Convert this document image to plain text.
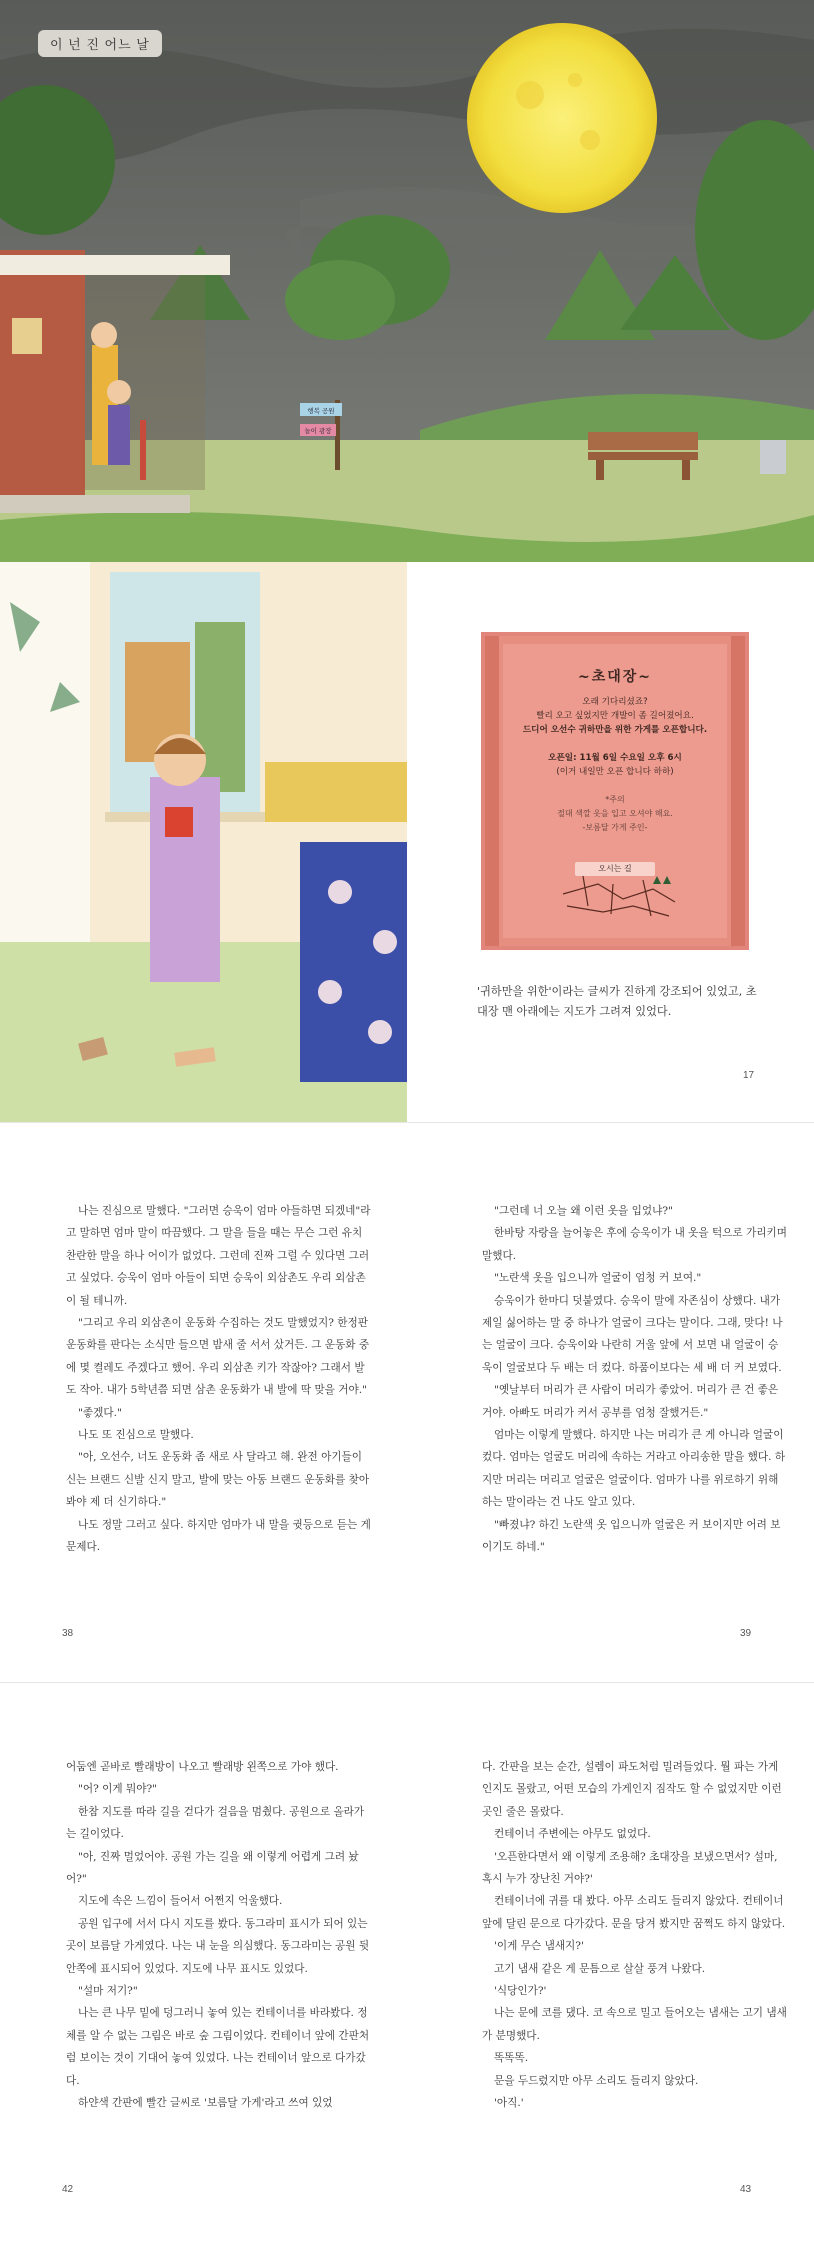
행복 공원
놀이 광장
이 넌 진 어느 날
~초대장~
오래 기다리셨죠?
빨리 오고 싶었지만 개발이 좀 길어졌어요.
드디어 오선수 귀하만을 위한 가게를 오픈합니다.
오픈일: 11월 6일 수요일 오후 6시
(이거 내일만 오픈 합니다 하하)
*주의
절대 색깔 옷을 입고 오셔야 해요.
-보름달 가게 주인-
오시는 길
'귀하만을 위한'이라는 글씨가 진하게 강조되어 있었고, 초대장 맨 아래에는 지도가 그려져 있었다.
17

나는 진심으로 말했다. "그러면 승욱이 엄마 아들하면 되겠네"라고 말하면 엄마 말이 따끔했다. 그 말을 들을 때는 무슨 그런 유치찬란한 말을 하나 어이가 없었다. 그런데 진짜 그럴 수 있다면 그러고 싶었다. 승욱이 엄마 아들이 되면 승욱이 외삼촌도 우리 외삼촌이 될 테니까.

"그리고 우리 외삼촌이 운동화 수집하는 것도 말했었지? 한정판 운동화를 판다는 소식만 들으면 밤새 줄 서서 샀거든. 그 운동화 중에 몇 켤레도 주겠다고 했어. 우리 외삼촌 키가 작잖아? 그래서 발도 작아. 내가 5학년쯤 되면 삼촌 운동화가 내 발에 딱 맞을 거야."

"좋겠다."

나도 또 진심으로 말했다.

"아, 오선수, 너도 운동화 좀 새로 사 달라고 해. 완전 아기들이 신는 브랜드 신발 신지 말고, 발에 맞는 아동 브랜드 운동화를 찾아봐야 제 더 신기하다."

나도 정말 그러고 싶다. 하지만 엄마가 내 말을 귓등으로 듣는 게 문제다.

38

"그런데 너 오늘 왜 이런 옷을 입었냐?"

한바탕 자랑을 늘어놓은 후에 승욱이가 내 옷을 턱으로 가리키며 말했다.

"노란색 옷을 입으니까 얼굴이 엄청 커 보여."

승욱이가 한마디 덧붙였다. 승욱이 말에 자존심이 상했다. 내가 제일 싫어하는 말 중 하나가 얼굴이 크다는 말이다. 그래, 맞다! 나는 얼굴이 크다. 승욱이와 나란히 거울 앞에 서 보면 내 얼굴이 승욱이 얼굴보다 두 배는 더 컸다. 하품이보다는 세 배 더 커 보였다.

"옛날부터 머리가 큰 사람이 머리가 좋았어. 머리가 큰 건 좋은 거야. 아빠도 머리가 커서 공부를 엄청 잘했거든."

엄마는 이렇게 말했다. 하지만 나는 머리가 큰 게 아니라 얼굴이 컸다. 엄마는 얼굴도 머리에 속하는 거라고 아리송한 말을 했다. 하지만 머리는 머리고 얼굴은 얼굴이다. 엄마가 나를 위로하기 위해 하는 말이라는 건 나도 알고 있다.

"빠졌냐? 하긴 노란색 옷 입으니까 얼굴은 커 보이지만 어려 보이기도 하네."

39

어둠엔 곧바로 빨래방이 나오고 빨래방 왼쪽으로 가야 했다.

"어? 이게 뭐야?"

한참 지도를 따라 길을 걷다가 걸음을 멈췄다. 공원으로 올라가는 길이었다.

"아, 진짜 멀었어야. 공원 가는 길을 왜 이렇게 어렵게 그려 놨어?"

지도에 속은 느낌이 들어서 어쩐지 억울했다.

공원 입구에 서서 다시 지도를 봤다. 동그라미 표시가 되어 있는 곳이 보름달 가게였다. 나는 내 눈을 의심했다. 동그라미는 공원 뒷 안쪽에 표시되어 있었다. 지도에 나무 표시도 있었다.

"설마 저기?"

나는 큰 나무 밑에 덩그러니 놓여 있는 컨테이너를 바라봤다. 정체를 알 수 없는 그림은 바로 숲 그림이었다. 컨테이너 앞에 간판처럼 보이는 것이 기대어 놓여 있었다. 나는 컨테이너 앞으로 다가갔다.

하얀색 간판에 빨간 글씨로 '보름달 가게'라고 쓰여 있었

42

다. 간판을 보는 순간, 설렘이 파도처럼 밀려들었다. 뭘 파는 가게인지도 몰랐고, 어떤 모습의 가게인지 짐작도 할 수 없었지만 이런 곳인 줄은 몰랐다.

컨테이너 주변에는 아무도 없었다.

'오픈한다면서 왜 이렇게 조용해? 초대장을 보냈으면서? 설마, 혹시 누가 장난친 거야?'

컨테이너에 귀를 대 봤다. 아무 소리도 들리지 않았다. 컨테이너 앞에 달린 문으로 다가갔다. 문을 당겨 봤지만 꿈쩍도 하지 않았다.

'이게 무슨 냄새지?'

고기 냄새 같은 게 문틈으로 살살 풍겨 나왔다.

'식당인가?'

나는 문에 코를 댔다. 코 속으로 밀고 들어오는 냄새는 고기 냄새가 분명했다.

똑똑똑.

문을 두드렸지만 아무 소리도 들리지 않았다.

'아직.'

43
